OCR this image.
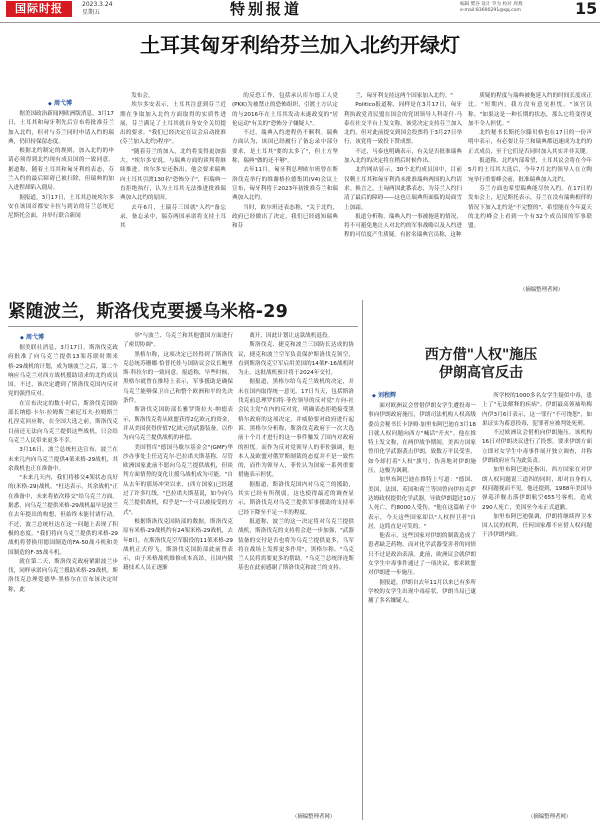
国际时报	2023.3.24
星期五	特别报道	编辑 樊谷 设计 罗为 校对 周燕
e-mail:83690291@qq.com	15
土耳其匈牙利给芬兰加入北约开绿灯
◆ 周弋博

据美国政治新闻网欧洲版消息，3月17日，土耳其和匈牙利先后宣布将批准芬兰加入北约，但对与芬兰同时申请入约的瑞典，仍旧持保留态度。

根据北约制定的规则，加入北约的申请必须得到北约现有成员国的一致同意。据道称，随着土耳其和匈牙利的表态，芬兰入约的最后障碍已被扫除，但瑞典的加入进程却陷入僵局。

据报道，3月17日，土耳其总统埃尔多安在该国首都安卡拉与到访的芬兰总统尼尼斯托会面，并举行联合新闻

发布会。

埃尔多安表示，土耳其注意到芬兰近期在争取加入北约方面取得的实质性进展，芬兰满足了土耳其就自身安全关切提出的要求。"我们已经决定在议会启动批准(芬兰加入北约)程序"。

"随着芬兰的加入，北约将变得更加强大。"埃尔多安说，与瑞典方面的谈判将继续推进。埃尔多安还指出，他会要求瑞典向土耳其引渡130名"恐怖分子"，但瑞典一直拒绝执行，认为土耳其无法推进批准瑞典加入北约的原因。

去年6月，土瑞芬三国就"入约"备忘录，备忘录中，瑞芬两国承诺将支持土耳其

的反恐工作，包括承认库尔德工人党(PKK)为被禁止的恐怖组织，引渡土方认定的与2016年在土耳其发动未遂政变的"居伦运动"有关的"恐怖分子嫌疑人"。

不过，瑞典入约进程仍不顺利。瑞典方面认为，该国已经履行了备忘录中部分要求，是土耳其"要的太多了"，但土方坚称，瑞典"做的还不够"。

去年11月，匈牙利总理欧尔班曾在斯洛伐克举行的维谢格拉德集团(V4)会议上宣布，匈牙利将于2023年初批准芬兰和瑞典加入北约。

当时，欧尔班还表态称，"关于北约，政府已经做出了决定，我们已经通知瑞典和芬

兰，匈牙利支持这两个国家加入北约。"

Politico报道称，同样是在3月17日，匈牙利执政党青民盟在国会的党团领导人科奇什·马泰在社交平台上发文称，该党决定支持芬兰加入北约，但对此前提交到国会投票将于3月27日举行，该党将一致投下赞成票。

不过，马泰也明确表示，有关是否批准瑞典加入北约的决定将在稍后时候作出。

北约网站显示，30个北约成员国中，目前仅剩土耳其和匈牙利尚未批准瑞典两国的入约请求。换言之，土匈两国此番表态，为芬兰入约扫清了最后的障碍——这也让瑞典所面临的局面雪上加霜。

报道分析称，瑞典入约一事被拖延的情况，将不可避免地让人对北约的军事战略以及入约进程的可信度产生质疑。有匿名瑞典官员称，这种

质疑的程度与瑞典被拖延入约的时间长度成正比。"短期内，我方没有意见担忧。"该官员称。"如果这是一种长期的状态，那么它将变得更加不令人担忧。"

北约秘书长斯托尔滕贝格也在17日的一份声明中表示，有必要让芬兰和瑞典都迅速成为北约的正式成员，至于它们是否同时加入其实并非关键。

报道称，北约内部希望，土耳其议会将在今年5月的土耳其大选后，今年7月北约领导人在立陶宛举行重要峰会前，批准瑞典加入北约。

芬兰方面也希望瑞典能尽快入约。在17日的发布会上，尼尼斯托表示，芬兰在没有瑞典相伴的情况下加入北约是"不完整的"，希望能在今年夏天的北约峰会上看到一个有32个成员国的军事联盟。

（摘编整理者网）
紧随波兰，斯洛伐克要援乌米格-29
◆ 周弋博

据美联社消息，3月17日，斯洛伐克政府批准了向乌克兰提供13架苏联时期米格-29战机的计划，成为继波兰之后，第二个响应乌克兰对西方战机援助请求的北约成员国。不过，该决定遭到了斯洛伐克国内反对党的强烈反对。

在宣布决定的数小时后，斯洛伐克国防部长纳德·卡尔·拉姆斯兰索尼耳夫·拉姆斯兰扎涅克回应称，在全国大选之前，斯洛伐克目前还无法向乌克兰提供这些战机，只会给乌克兰人民带来更多不幸。

3月16日，波兰总统杜达宣布，波兰在未来几内向乌克兰提供4架米格-29战机，其余战机也正在准备中。

"未来几天内，我们将移交4架状态良好的(米格-29)战机。"杜达表示，其余战机"正在准备中，未来将依次移交"给乌克兰方面。据悉，向乌克兰提供米格-29战机最早是波兰在去年提出的构想，但始终未能付诸行动。不过，波兰总统杜达在这一问题上表现了积极的态度。"我们将向乌克兰提供的米格-29战机将替换用德国制造的FA-50战斗机和美国制造的F-35战斗机。

就在第二天，斯洛伐克政府紧跟波兰步伐，同样承诺向乌克兰援助米格-29战机。斯洛伐克总理爱德华·黑格尔在宣布该决定时称，此

举"与波兰、乌克兰和其他盟国方面进行了密切协调"。

黑格尔称，这项决定已经得到了斯洛伐克总统苏珊娜·恰普托娃与国防议会议长鲍里斯·科拉尔的一致同意。报道称，早些时候，黑格尔就曾在推特上表示，军事援助是确保乌克兰能够保卫自己和整个欧洲和平的先决条件。

斯洛伐克国防部长雅罗斯拉夫·纳德表示，斯洛伐克将从欧盟获得2亿欧元的资金，并从美国获得价值7亿欧元的武器装备，以作为向乌克兰提供战机的补偿。

美国智库"德国马歇尔基金会"(GMF)华沙办事处主任迈克尔·巴拉诺夫斯基称，尽管欧洲国家此前不愿向乌克兰提供战机，但谈判方面情势的变化让援乌战机成为可能。"自从去年的那场冲突以来，(西方国家)已经越过了许多红线。"巴拉诺夫斯基说，如今向乌克兰提供战机，似乎是"一个可以被接受的方式"。

根据斯洛伐克国防部的数据，斯洛伐克原有米格-29战机约有24架米格-29战机，去年8月，在斯洛伐克空军服役的11架米格-29战机正式停飞。斯洛伐克国防部此前曾表示，由于米格战机维修成本高昂，且国内俄籍技术人员正逐渐

离开，因此计划让这款战机退役。

斯洛伐克、捷克和波兰三国防长达成的协议，捷克和波兰空军负责保护斯洛伐克领空，直到斯洛伐克空军启用美国的14架F-16战机时为止。这批战机预计将于2024年交付。

据报道，黑格尔给乌克兰战机的决定，并未在国内取得统一意见。17日当天，包括斯洛伐克前总理罗伯特·菲佐领导的反对党"方向-社会民主党"在内的反对党，明确表态拒绝接受黑格尔政府的这项决定，并威胁要对政府进行起诉。黑格尔分析称，斯洛伐克政府于一次大选前十个月才进行的这一事件触发了国内对政府的担忧。而作为反对党领导人的菲佐强调，他本人及欧盟对俄罗斯制裁的态度并不是一致性的，而作为领导人，菲佐认为国家一系列重要措施表示担忧。

据报道，斯洛伐克国内对乌克兰的援助，其实已经有所削弱，这也使得最近的调查显示，斯洛伐克对乌克兰提供军事援助的支持率已经下降至不足一半的程度。

报道称，波兰的这一决定将对乌克兰提供战机，斯洛伐克的支持将会进一步加强，"武器装备的交付是否也将为乌克兰提供更多，乌军将在战场上发挥更多作用"，黑格尔称。"乌克兰人民将需要更多的帮助。"乌克兰总统泽连斯基也在此前感谢了斯洛伐克和波兰的支持。

（摘编整理者网）
西方借"人权"施压
伊朗高官反击
◆ 刘程辉

面对欧洲议会曾借伊朗女学生遭投毒一事向伊朗政府施压，伊朗司法机构人权高级委员会秘书长卡泽姆·加里布阿巴迪在3月18日就人权问题向西方"喊话"开火"。他在推特上发文称，在两伊战争期间，美西方国家曾用化学武器袭击伊朗，致数万平民受害，如今却打着"人权"旗号，伪善地对伊朗施压，这极为讽刺。

加里布阿巴迪在推特上写道："德国、美国、法国、英国和荷兰等国曾向伊拉克萨达姆政权提供化学武器，导致伊朗超过10万人死亡，约8000人受伤。"他在这篇帖子中表示，今天这些国家却以"人权捍卫者"自居，这简直是可笑的。"

他表示，这些国家对伊朗的制裁造成了患者缺乏药物，而对化学武器受害者的同情只不过是政治表演。此前，欧洲议会就伊朗女学生中毒事件通过了一项决议，要求欧盟对伊朗进一步施压。

据报道，伊朗自去年11月以来已有多所学校的女学生出现中毒症状，伊朗当局已逮捕了多名嫌疑人。

所学校的1000多名女学生疑似中毒，患上了"无法解释的疾病"。伊朗最高领袖哈梅内伊3月6日表示，这一罪行"不可饶恕"，如果证实为蓄意投毒，犯罪者应被判处死刑。

不过欧洲议会借机向伊朗施压。该机构16日对伊朗决议进行了投票，要求伊朗方面立即对女学生中毒事件展开独立调查，并称伊朗政府应当为此负责。

加里布阿巴迪还指出，西方国家在对伊朗人权问题说三道四的同时，却对自身的人权问题视而不见。他还提到，1988年美国导弹巡洋舰击落伊朗航空655号客机，造成290人死亡，美国至今未正式道歉。

加里布阿巴迪强调，伊朗将继续捍卫本国人民的权利，任何国家都不应借人权问题干涉伊朗内政。

（摘编整理者网）
